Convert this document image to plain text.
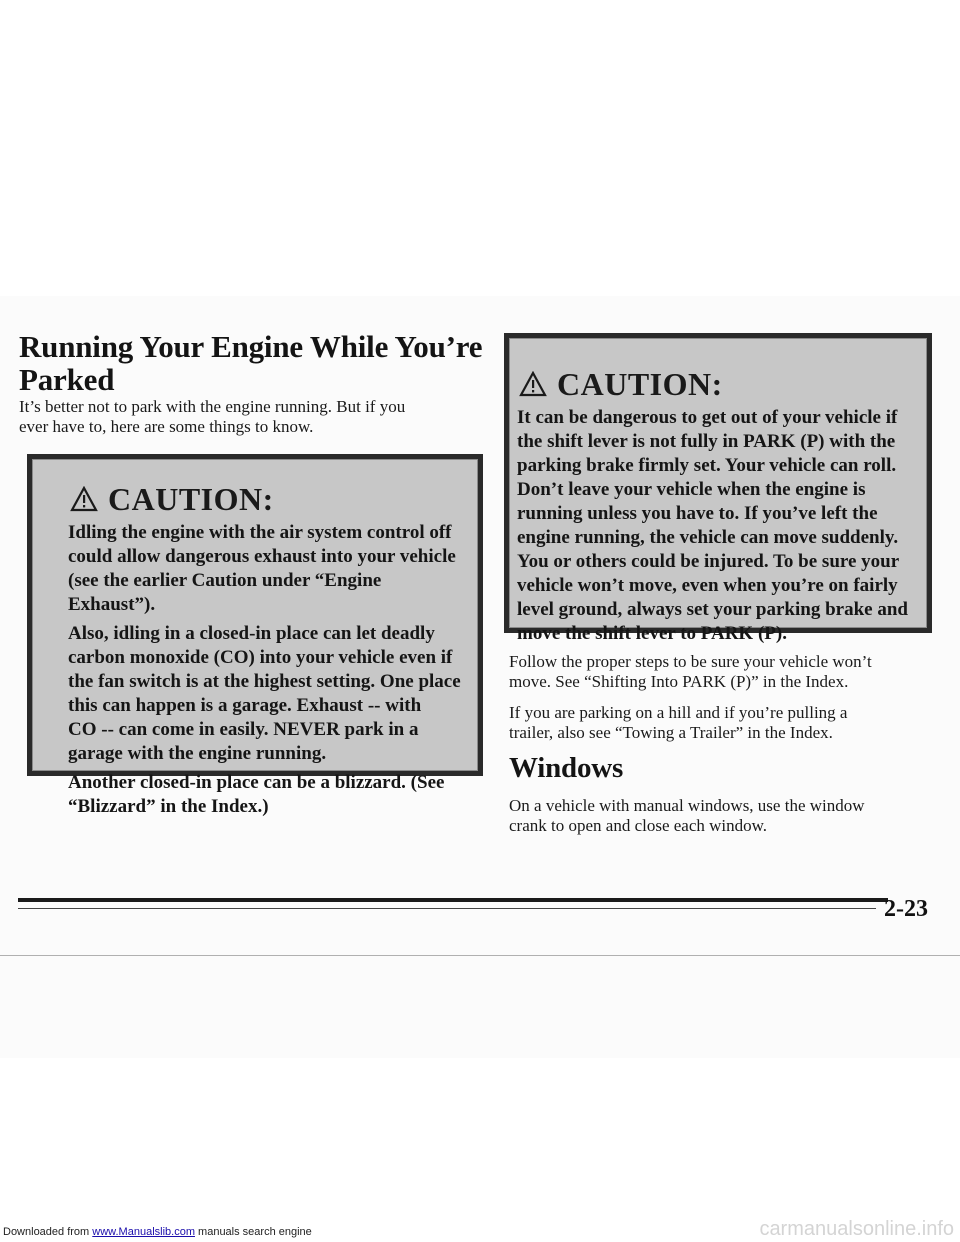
Running Your Engine While You’re
Parked

It’s better not to park with the engine running. But if you
ever have to, here are some things to know.

CAUTION:

Idling the engine with the air system control off

could allow dangerous exhaust into your vehicle

(see the earlier Caution under “Engine

Exhaust”).

Also, idling in a closed-in place can let deadly

carbon monoxide (CO) into your vehicle even if

the fan switch is at the highest setting. One place

this can happen is a garage. Exhaust -- with

CO -- can come in easily. NEVER park in a

garage with the engine running.

Another closed-in place can be a blizzard. (See

“Blizzard” in the Index.)

CAUTION:

It can be dangerous to get out of your vehicle if

the shift lever is not fully in PARK (P) with the

parking brake firmly set. Your vehicle can roll.

Don’t leave your vehicle when the engine is

running unless you have to. If you’ve left the

engine running, the vehicle can move suddenly.

You or others could be injured. To be sure your

vehicle won’t move, even when you’re on fairly

level ground, always set your parking brake and

move the shift lever to PARK (P).

Follow the proper steps to be sure your vehicle won’t
move. See “Shifting Into PARK (P)” in the Index.

If you are parking on a hill and if you’re pulling a
trailer, also see “Towing a Trailer” in the Index.

Windows

On a vehicle with manual windows, use the window
crank to open and close each window.

2-23
Downloaded from www.Manualslib.com manuals search engine	carmanualsonline.info
